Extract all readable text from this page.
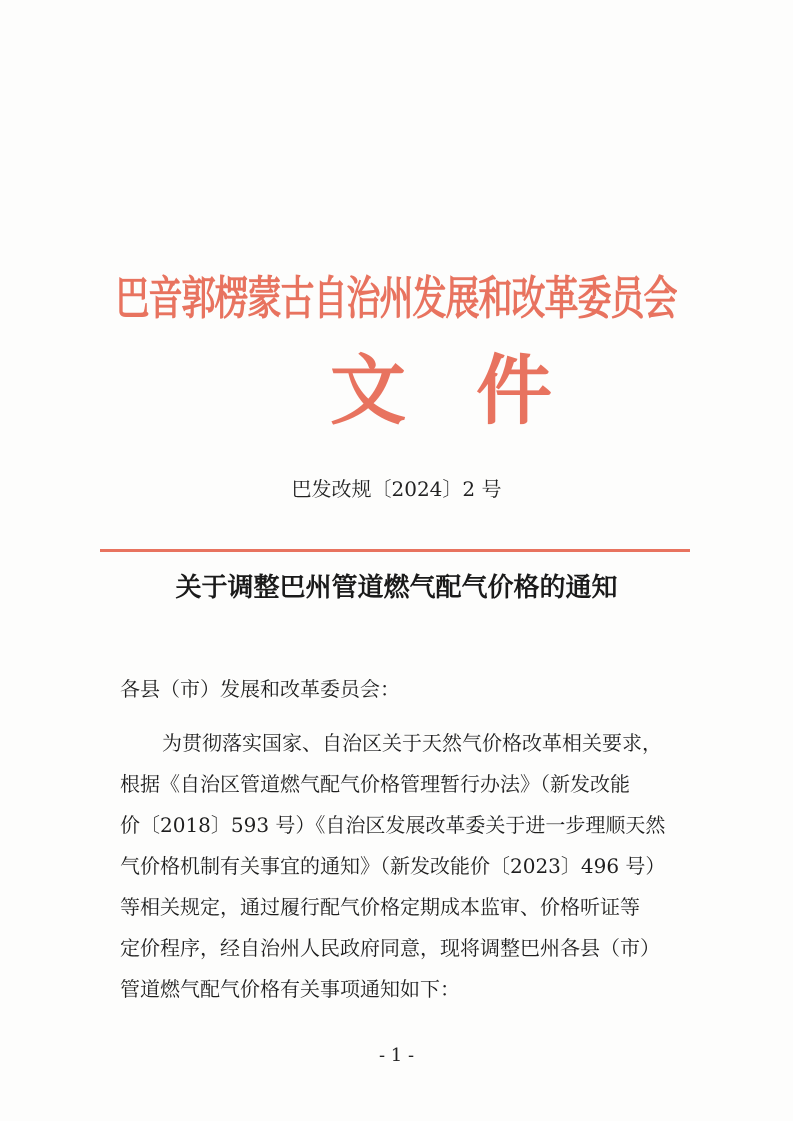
巴音郭楞蒙古自治州发展和改革委员会
文件
巴发改规〔2024〕2 号
关于调整巴州管道燃气配气价格的通知
各县（市）发展和改革委员会：
为贯彻落实国家、自治区关于天然气价格改革相关要求，
根据《自治区管道燃气配气价格管理暂行办法》（新发改能
价〔2018〕593 号）《自治区发展改革委关于进一步理顺天然
气价格机制有关事宜的通知》（新发改能价〔2023〕496 号）
等相关规定，通过履行配气价格定期成本监审、价格听证等
定价程序，经自治州人民政府同意，现将调整巴州各县（市）
管道燃气配气价格有关事项通知如下：
- 1 -
